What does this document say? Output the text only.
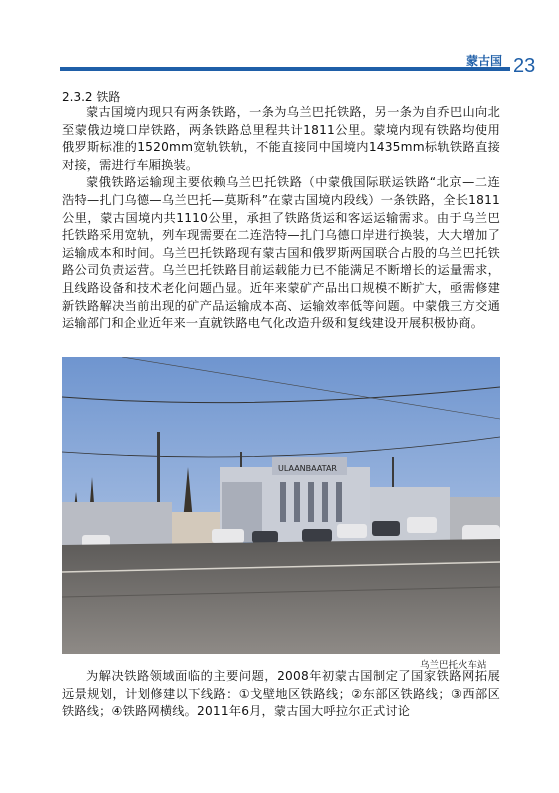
蒙古国 23
2.3.2 铁路

蒙古国境内现只有两条铁路，一条为乌兰巴托铁路，另一条为自乔巴山向北至蒙俄边境口岸铁路，两条铁路总里程共计1811公里。蒙境内现有铁路均使用俄罗斯标准的1520mm宽轨铁轨，不能直接同中国境内1435mm标轨铁路直接对接，需进行车厢换装。

蒙俄铁路运输现主要依赖乌兰巴托铁路（中蒙俄国际联运铁路“北京—二连浩特—扎门乌德—乌兰巴托—莫斯科”在蒙古国境内段线）一条铁路，全长1811公里，蒙古国境内共1110公里，承担了铁路货运和客运运输需求。由于乌兰巴托铁路采用宽轨，列车现需要在二连浩特—扎门乌德口岸进行换装，大大增加了运输成本和时间。乌兰巴托铁路现有蒙古国和俄罗斯两国联合占股的乌兰巴托铁路公司负责运营。乌兰巴托铁路目前运载能力已不能满足不断增长的运量需求，且线路设备和技术老化问题凸显。近年来蒙矿产品出口规模不断扩大，亟需修建新铁路解决当前出现的矿产品运输成本高、运输效率低等问题。中蒙俄三方交通运输部门和企业近年来一直就铁路电气化改造升级和复线建设开展积极协商。

ULAANBAATAR
乌兰巴托火车站

为解决铁路领域面临的主要问题，2008年初蒙古国制定了国家铁路网拓展远景规划，计划修建以下线路：①戈壁地区铁路线；②东部区铁路线；③西部区铁路线；④铁路网横线。2011年6月，蒙古国大呼拉尔正式讨论
